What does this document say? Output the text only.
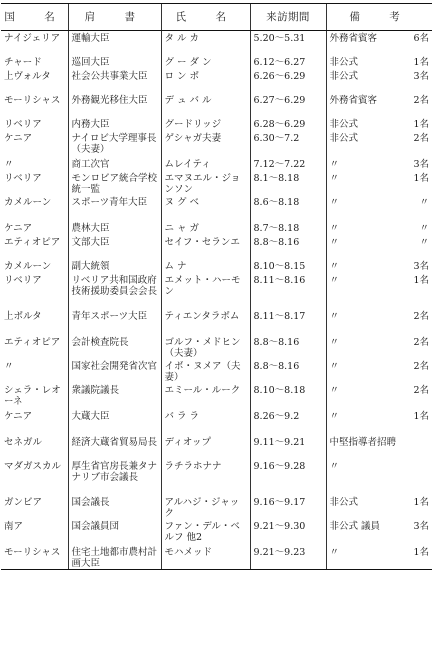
国　名	肩　書	氏　名	来訪期間	備　考
ナイジェリア	運輸大臣	タ ル カ	5.20～5.31	外務省賓客 6名

チャード	巡回大臣	グ ー ダ ン	6.12～6.27	非公式 1名

上ヴォルタ	社会公共事業大臣	ロ ン ボ	6.26～6.29	非公式 3名

モーリシャス	外務観光移住大臣	デ ュ バ ル	6.27～6.29	外務省賓客 2名

リベリア	内務大臣	グードリッジ	6.28～6.29	非公式 1名

ケニア	ナイロビ大学理事長（夫妻）	ゲシャガ夫妻	6.30～7.2	非公式 2名

〃	商工次官	ムレイティ	7.12～7.22	〃 3名

リベリア	モンロビア統合学校統一監	エマヌエル・ジョンソン	8.1～8.18	〃 1名

カメルーン	スポーツ青年大臣	ヌ グ ベ	8.6～8.18	〃 〃

ケニア	農林大臣	ニ ャ ガ	8.7～8.18	〃 〃

エティオピア	文部大臣	セイフ・セランエ	8.8～8.16	〃 〃

カメルーン	副大統領	ム ナ	8.10～8.15	〃 3名

リベリア	リベリア共和国政府技術援助委員会会長	エメット・ハーモン	8.11～8.16	〃 1名

上ボルタ	青年スポーツ大臣	ティエンタラボム	8.11～8.17	〃 2名

エティオピア	会計検査院長	ゴルフ・メドヒン（夫妻）	8.8～8.16	〃 2名

〃	国家社会開発省次官	イボ・ヌメア（夫妻）	8.8～8.16	〃 2名

シェラ・レオーネ	衆議院議長	エミール・ルーク	8.10～8.18	〃 2名

ケニア	大蔵大臣	バ ラ ラ	8.26～9.2	〃 1名

セネガル	経済大蔵省貿易局長	ディオップ	9.11～9.21	中堅指導者招聘

マダガスカル	厚生省官房長兼タナナリブ市会議長	ラチラホナナ	9.16～9.28	〃

ガンビア	国会議長	アルハジ・ジャック	9.16～9.17	非公式 1名

南ア	国会議員団	ファン・デル・ベルフ 他2	9.21～9.30	非公式 議員 3名

モーリシャス	住宅土地都市農村計画大臣	モハメッド	9.21～9.23	〃 1名
